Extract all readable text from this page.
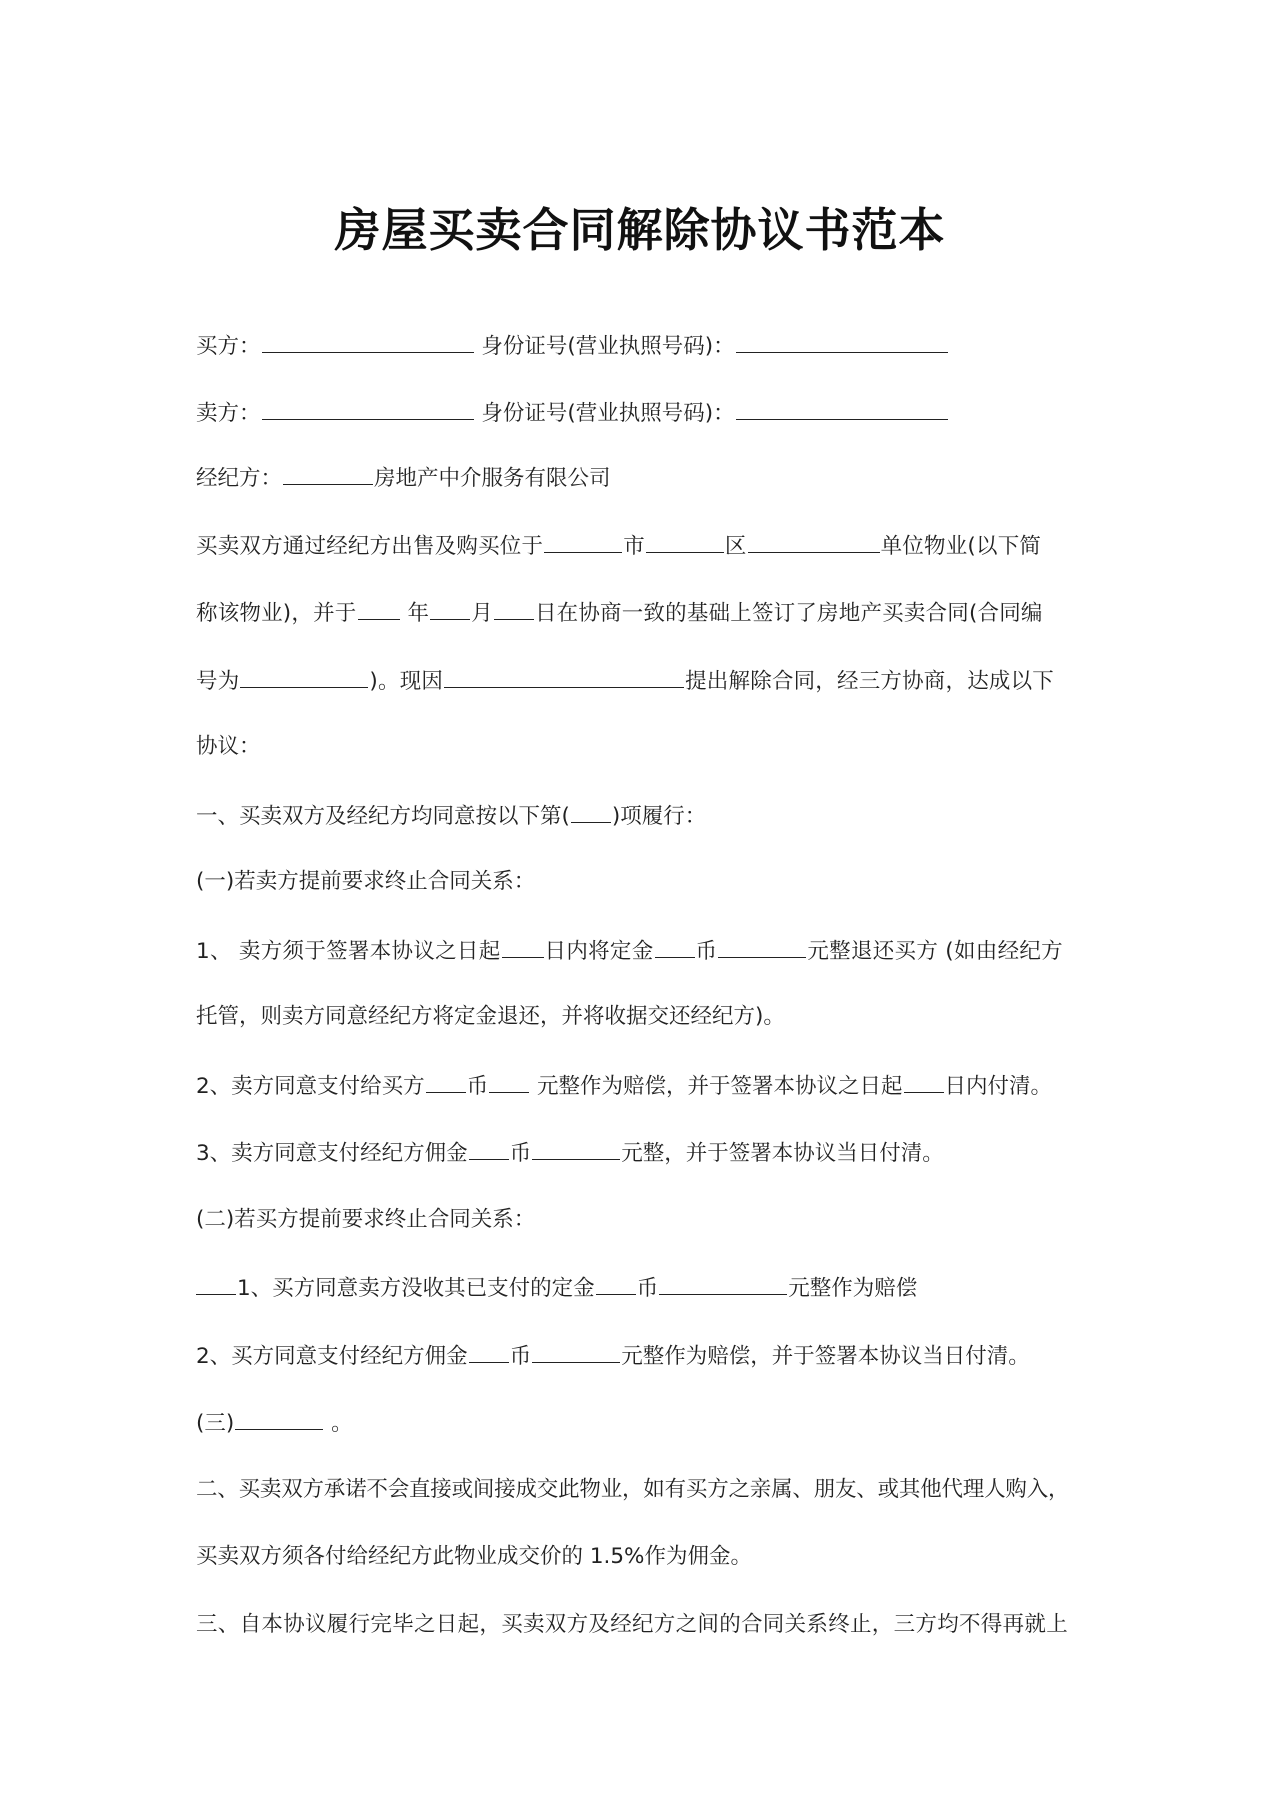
房屋买卖合同解除协议书范本
买方：	身份证号(营业执照号码)：
卖方：	身份证号(营业执照号码)：
经纪方：	房地产中介服务有限公司
买卖双方通过经纪方出售及购买位于	市	区	单位物业(以下简
称该物业)，并于 年 月 日在协商一致的基础上签订了房地产买卖合同(合同编
号为	)。现因	提出解除合同，经三方协商，达成以下
协议：
一、买卖双方及经纪方均同意按以下第( )项履行：
(一)若卖方提前要求终止合同关系：
1、 卖方须于签署本协议之日起 日内将定金 币	元整退还买方 (如由经纪方
托管，则卖方同意经纪方将定金退还，并将收据交还经纪方)。
2、卖方同意支付给买方 币 元整作为赔偿，并于签署本协议之日起 日内付清。
3、卖方同意支付经纪方佣金 币	元整，并于签署本协议当日付清。
(二)若买方提前要求终止合同关系：
1、买方同意卖方没收其已支付的定金 币	元整作为赔偿
2、买方同意支付经纪方佣金 币	元整作为赔偿，并于签署本协议当日付清。
(三)	。
二、买卖双方承诺不会直接或间接成交此物业，如有买方之亲属、朋友、或其他代理人购入，
买卖双方须各付给经纪方此物业成交价的 1.5%作为佣金。
三、自本协议履行完毕之日起，买卖双方及经纪方之间的合同关系终止，三方均不得再就上
